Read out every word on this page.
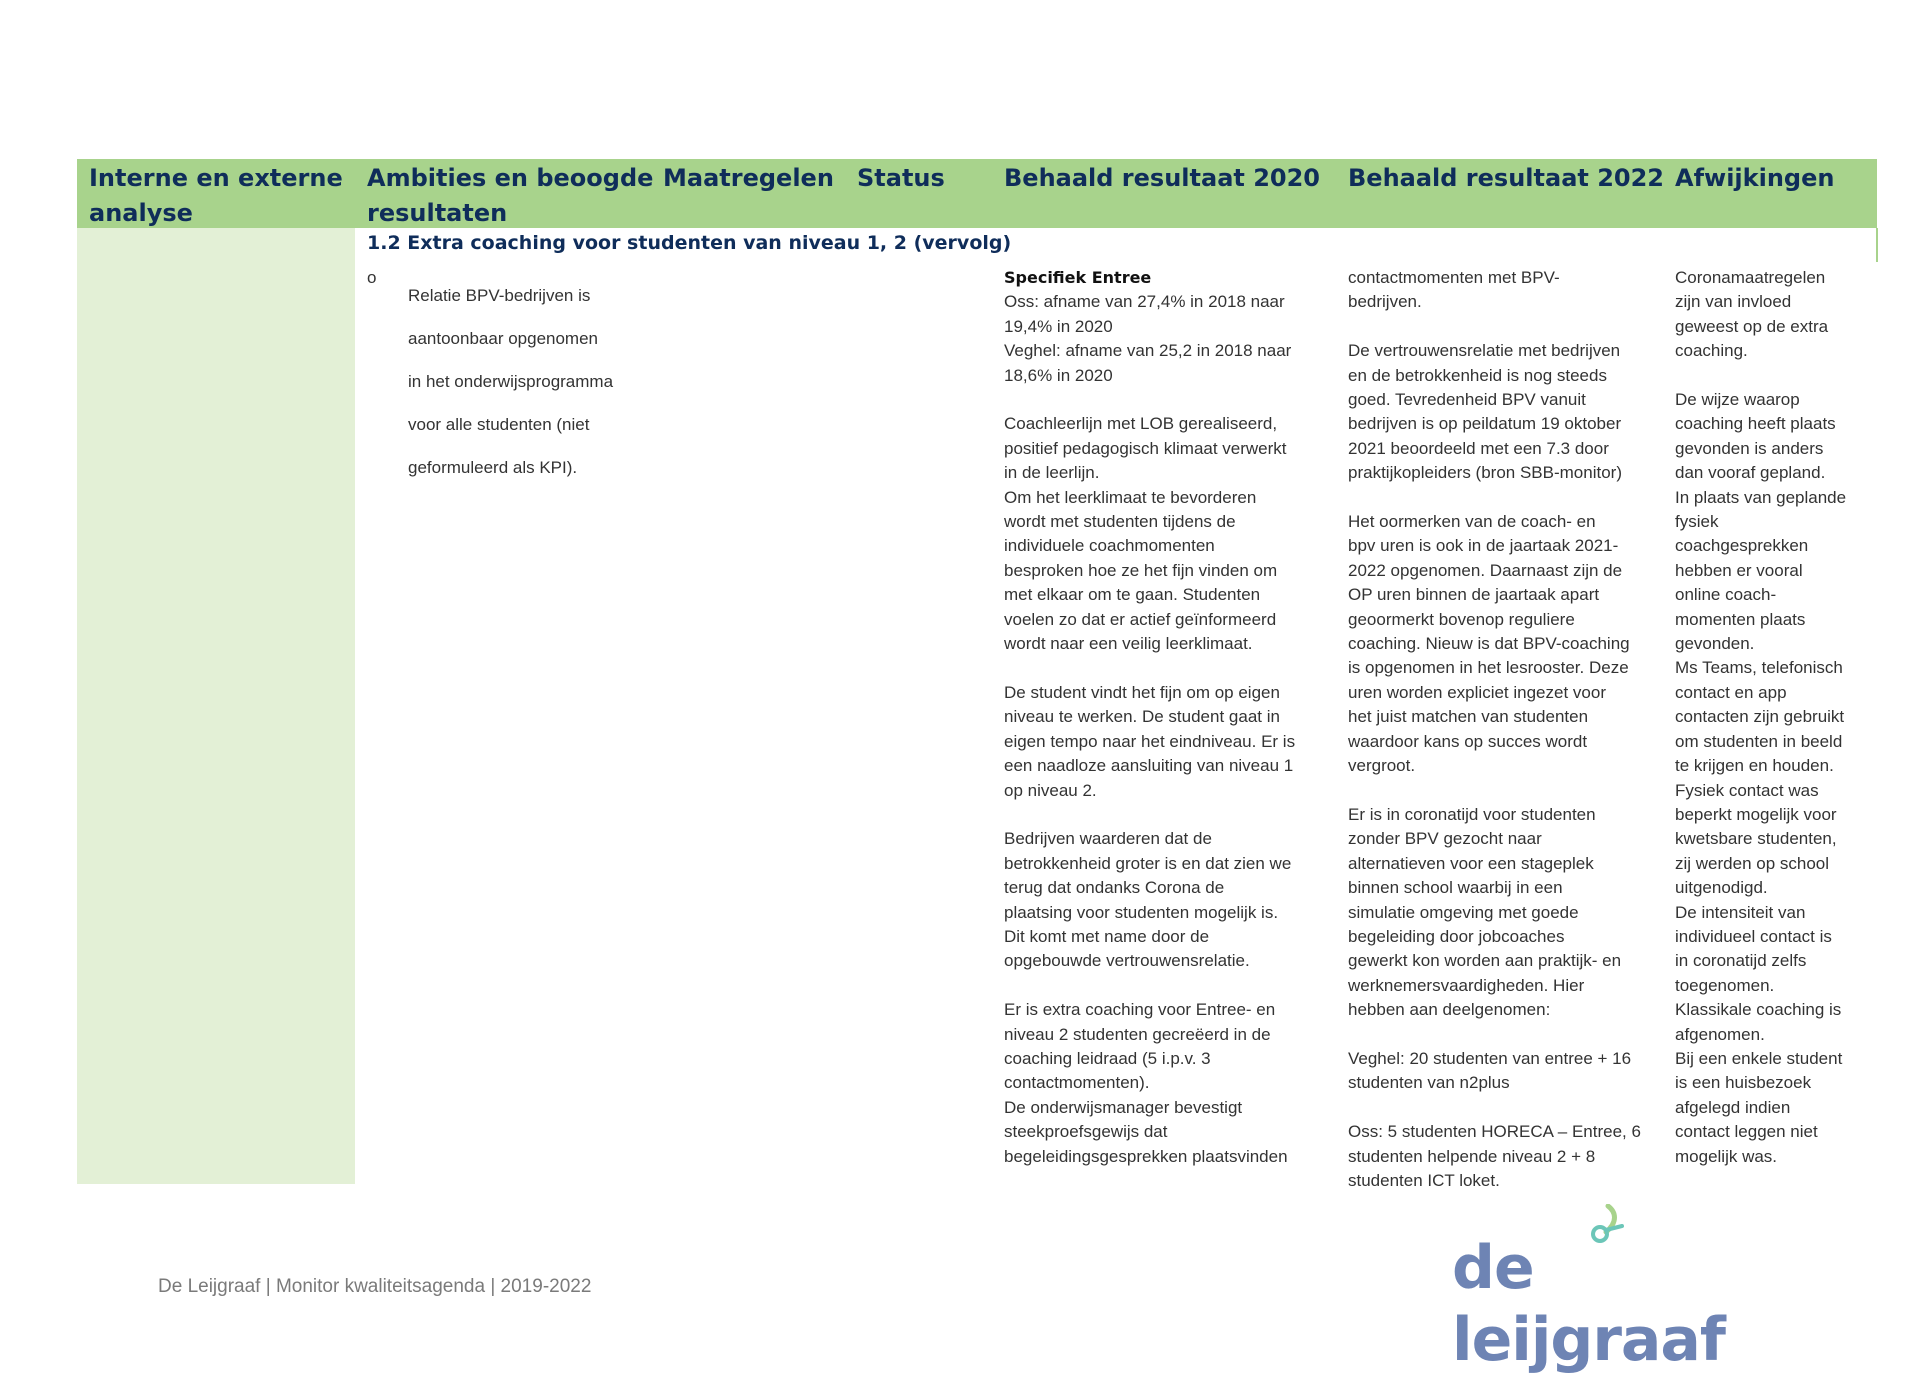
Interne en externe
analyse
Ambities en beoogde
resultaten
Maatregelen Status Behaald resultaat 2020 Behaald resultaat 2022 Afwijkingen
1.2 Extra coaching voor studenten van niveau 1, 2 (vervolg)
o

Relatie BPV-bedrijven is

aantoonbaar opgenomen

in het onderwijsprogramma

voor alle studenten (niet

geformuleerd als KPI).

Specifiek Entree

Oss: afname van 27,4% in 2018 naar

19,4% in 2020

Veghel: afname van 25,2 in 2018 naar

18,6% in 2020

Coachleerlijn met LOB gerealiseerd,

positief pedagogisch klimaat verwerkt

in de leerlijn.

Om het leerklimaat te bevorderen

wordt met studenten tijdens de

individuele coachmomenten

besproken hoe ze het fijn vinden om

met elkaar om te gaan. Studenten

voelen zo dat er actief geïnformeerd

wordt naar een veilig leerklimaat.

De student vindt het fijn om op eigen

niveau te werken. De student gaat in

eigen tempo naar het eindniveau. Er is

een naadloze aansluiting van niveau 1

op niveau 2.

Bedrijven waarderen dat de

betrokkenheid groter is en dat zien we

terug dat ondanks Corona de

plaatsing voor studenten mogelijk is.

Dit komt met name door de

opgebouwde vertrouwensrelatie.

Er is extra coaching voor Entree- en

niveau 2 studenten gecreëerd in de

coaching leidraad (5 i.p.v. 3

contactmomenten).

De onderwijsmanager bevestigt

steekproefsgewijs dat

begeleidingsgesprekken plaatsvinden

contactmomenten met BPV-

bedrijven.

De vertrouwensrelatie met bedrijven

en de betrokkenheid is nog steeds

goed. Tevredenheid BPV vanuit

bedrijven is op peildatum 19 oktober

2021 beoordeeld met een 7.3 door

praktijkopleiders (bron SBB-monitor)

Het oormerken van de coach- en

bpv uren is ook in de jaartaak 2021-

2022 opgenomen. Daarnaast zijn de

OP uren binnen de jaartaak apart

geoormerkt bovenop reguliere

coaching. Nieuw is dat BPV-coaching

is opgenomen in het lesrooster. Deze

uren worden expliciet ingezet voor

het juist matchen van studenten

waardoor kans op succes wordt

vergroot.

Er is in coronatijd voor studenten

zonder BPV gezocht naar

alternatieven voor een stageplek

binnen school waarbij in een

simulatie omgeving met goede

begeleiding door jobcoaches

gewerkt kon worden aan praktijk- en

werknemersvaardigheden. Hier

hebben aan deelgenomen:

Veghel: 20 studenten van entree + 16

studenten van n2plus

Oss: 5 studenten HORECA – Entree, 6

studenten helpende niveau 2 + 8

studenten ICT loket.

Coronamaatregelen

zijn van invloed

geweest op de extra

coaching.

De wijze waarop

coaching heeft plaats

gevonden is anders

dan vooraf gepland.

In plaats van geplande

fysiek

coachgesprekken

hebben er vooral

online coach-

momenten plaats

gevonden.

Ms Teams, telefonisch

contact en app

contacten zijn gebruikt

om studenten in beeld

te krijgen en houden.

Fysiek contact was

beperkt mogelijk voor

kwetsbare studenten,

zij werden op school

uitgenodigd.

De intensiteit van

individueel contact is

in coronatijd zelfs

toegenomen.

Klassikale coaching is

afgenomen.

Bij een enkele student

is een huisbezoek

afgelegd indien

contact leggen niet

mogelijk was.

De Leijgraaf | Monitor kwaliteitsagenda | 2019-2022	de leijgraaf
